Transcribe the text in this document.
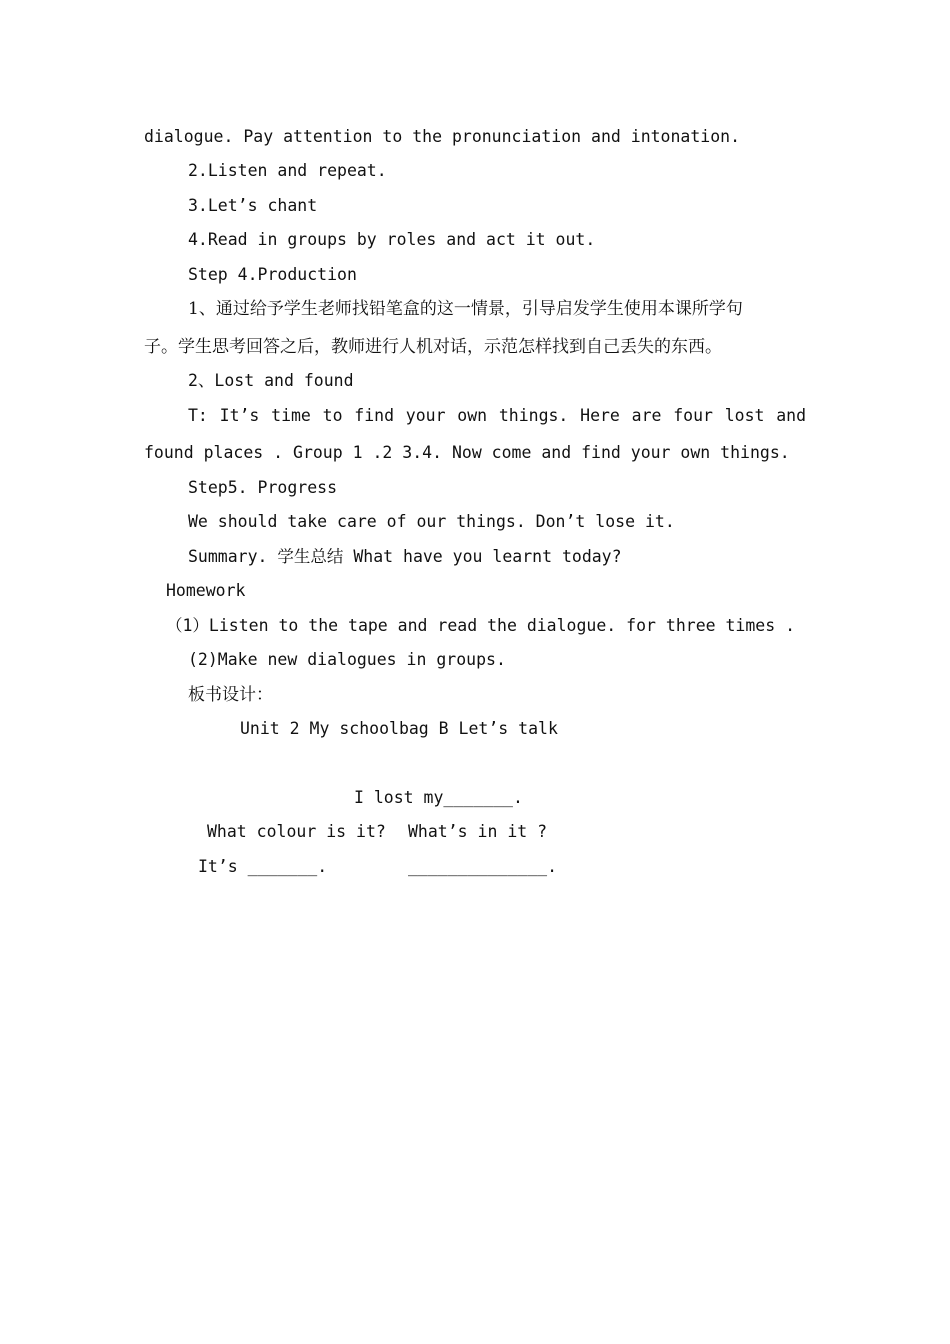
dialogue. Pay attention to the pronunciation and intonation.
2.Listen and repeat.
3.Let’s chant
4.Read in groups by roles and act it out.
Step 4.Production
1、通过给予学生老师找铅笔盒的这一情景，引导启发学生使用本课所学句
子。学生思考回答之后，教师进行人机对话，示范怎样找到自己丢失的东西。
2、Lost and found
T: It’s time to find your own things. Here are four lost and
found places . Group 1 .2 3.4. Now come and find your own things.
Step5. Progress
We should take care of our things. Don’t lose it.
Summary. 学生总结 What have you learnt today?
Homework
（1）Listen to the tape and read the dialogue. for three times .
(2)Make new dialogues in groups.
板书设计：
Unit 2 My schoolbag B Let’s talk
I lost my_______.
What colour is it? What’s in it ?
It’s _______.	______________.
